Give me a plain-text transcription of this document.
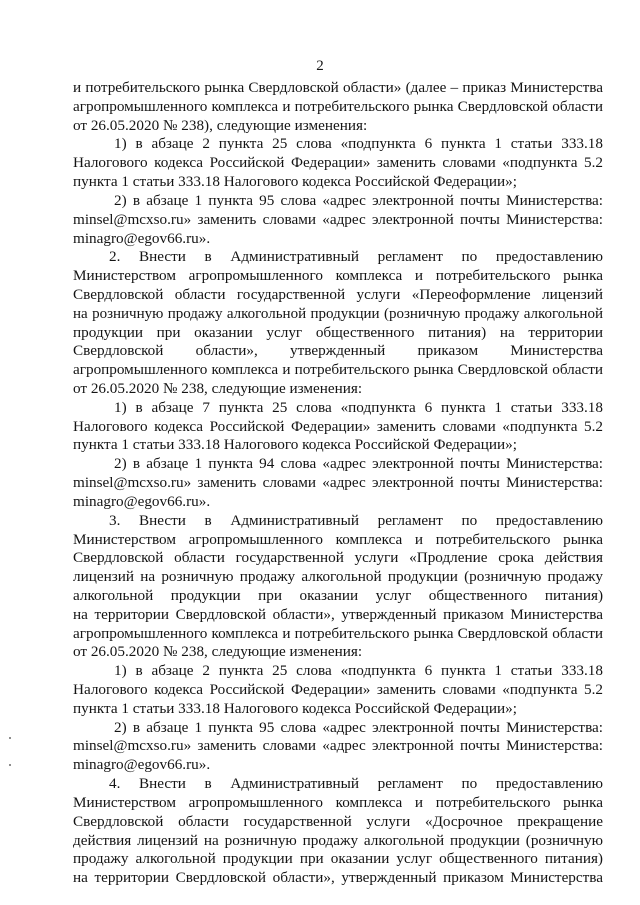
2
и потребительского рынка Свердловской области» (далее – приказ Министерства
агропромышленного комплекса и потребительского рынка Свердловской области
от 26.05.2020 № 238), следующие изменения:
1) в абзаце 2 пункта 25 слова «подпункта 6 пункта 1 статьи 333.18
Налогового кодекса Российской Федерации» заменить словами «подпункта 5.2
пункта 1 статьи 333.18 Налогового кодекса Российской Федерации»;
2) в абзаце 1 пункта 95 слова «адрес электронной почты Министерства:
minsel@mcxso.ru» заменить словами «адрес электронной почты Министерства:
minagro@egov66.ru».
2. Внести в Административный регламент по предоставлению
Министерством агропромышленного комплекса и потребительского рынка
Свердловской области государственной услуги «Переоформление лицензий
на розничную продажу алкогольной продукции (розничную продажу алкогольной
продукции при оказании услуг общественного питания) на территории
Свердловской области», утвержденный приказом Министерства
агропромышленного комплекса и потребительского рынка Свердловской области
от 26.05.2020 № 238, следующие изменения:
1) в абзаце 7 пункта 25 слова «подпункта 6 пункта 1 статьи 333.18
Налогового кодекса Российской Федерации» заменить словами «подпункта 5.2
пункта 1 статьи 333.18 Налогового кодекса Российской Федерации»;
2) в абзаце 1 пункта 94 слова «адрес электронной почты Министерства:
minsel@mcxso.ru» заменить словами «адрес электронной почты Министерства:
minagro@egov66.ru».
3. Внести в Административный регламент по предоставлению
Министерством агропромышленного комплекса и потребительского рынка
Свердловской области государственной услуги «Продление срока действия
лицензий на розничную продажу алкогольной продукции (розничную продажу
алкогольной продукции при оказании услуг общественного питания)
на территории Свердловской области», утвержденный приказом Министерства
агропромышленного комплекса и потребительского рынка Свердловской области
от 26.05.2020 № 238, следующие изменения:
1) в абзаце 2 пункта 25 слова «подпункта 6 пункта 1 статьи 333.18
Налогового кодекса Российской Федерации» заменить словами «подпункта 5.2
пункта 1 статьи 333.18 Налогового кодекса Российской Федерации»;
2) в абзаце 1 пункта 95 слова «адрес электронной почты Министерства:
minsel@mcxso.ru» заменить словами «адрес электронной почты Министерства:
minagro@egov66.ru».
4. Внести в Административный регламент по предоставлению
Министерством агропромышленного комплекса и потребительского рынка
Свердловской области государственной услуги «Досрочное прекращение
действия лицензий на розничную продажу алкогольной продукции (розничную
продажу алкогольной продукции при оказании услуг общественного питания)
на территории Свердловской области», утвержденный приказом Министерства
